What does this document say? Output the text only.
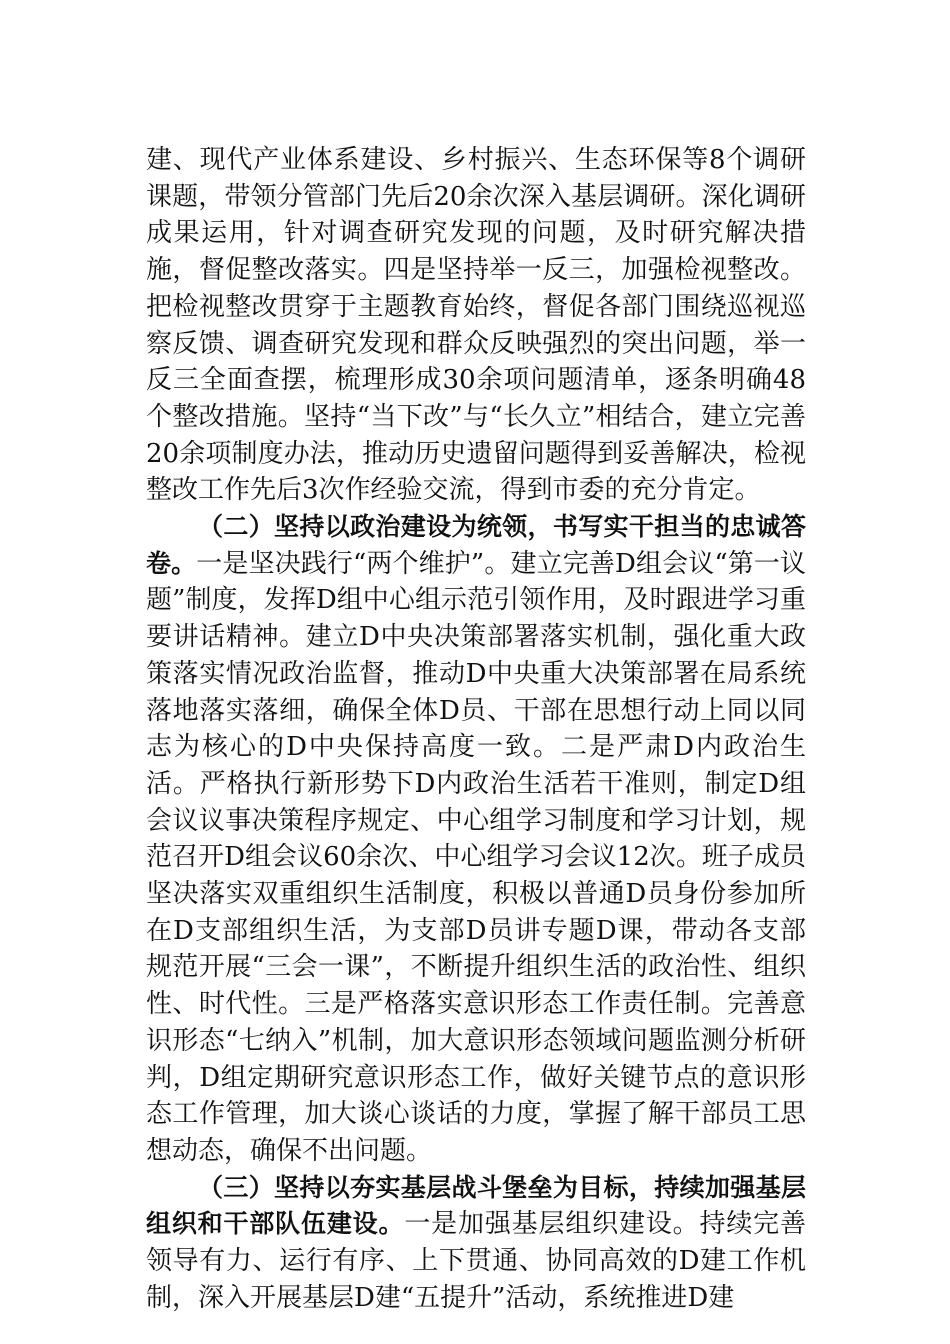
建、现代产业体系建设、乡村振兴、生态环保等8个调研课题，带领分管部门先后20余次深入基层调研。深化调研成果运用，针对调查研究发现的问题，及时研究解决措施，督促整改落实。四是坚持举一反三，加强检视整改。把检视整改贯穿于主题教育始终，督促各部门围绕巡视巡察反馈、调查研究发现和群众反映强烈的突出问题，举一反三全面查摆，梳理形成30余项问题清单，逐条明确48个整改措施。坚持“当下改”与“长久立”相结合，建立完善20余项制度办法，推动历史遗留问题得到妥善解决，检视整改工作先后3次作经验交流，得到市委的充分肯定。

（二）坚持以政治建设为统领，书写实干担当的忠诚答卷。一是坚决践行“两个维护”。建立完善D组会议“第一议题”制度，发挥D组中心组示范引领作用，及时跟进学习重要讲话精神。建立D中央决策部署落实机制，强化重大政策落实情况政治监督，推动D中央重大决策部署在局系统落地落实落细，确保全体D员、干部在思想行动上同以同志为核心的D中央保持高度一致。二是严肃D内政治生活。严格执行新形势下D内政治生活若干准则，制定D组会议议事决策程序规定、中心组学习制度和学习计划，规范召开D组会议60余次、中心组学习会议12次。班子成员坚决落实双重组织生活制度，积极以普通D员身份参加所在D支部组织生活，为支部D员讲专题D课，带动各支部规范开展“三会一课”，不断提升组织生活的政治性、组织性、时代性。三是严格落实意识形态工作责任制。完善意识形态“七纳入”机制，加大意识形态领域问题监测分析研判，D组定期研究意识形态工作，做好关键节点的意识形态工作管理，加大谈心谈话的力度，掌握了解干部员工思想动态，确保不出问题。

（三）坚持以夯实基层战斗堡垒为目标，持续加强基层组织和干部队伍建设。一是加强基层组织建设。持续完善领导有力、运行有序、上下贯通、协同高效的D建工作机制，深入开展基层D建“五提升”活动，系统推进D建
